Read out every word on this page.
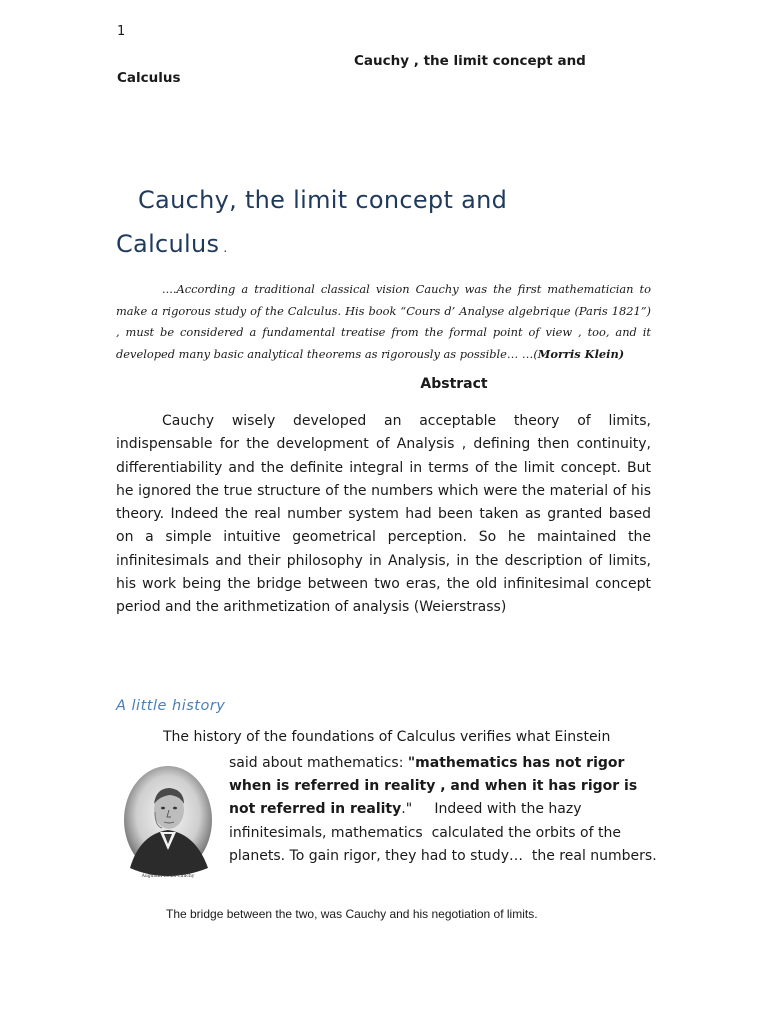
1
Cauchy , the limit concept and
Calculus
Cauchy, the limit concept and
Calculus .
....According a traditional classical vision Cauchy was the first mathematician to make a rigorous study of the Calculus. His book “Cours d’ Analyse algebrique (Paris 1821”) , must be considered a fundamental treatise from the formal point of view , too, and it developed many basic analytical theorems as rigorously as possible… …(Morris Klein)
Abstract
Cauchy wisely developed an acceptable theory of limits, indispensable for the development of Analysis , defining then continuity, differentiability and the definite integral in terms of the limit concept. But he ignored the true structure of the numbers which were the material of his theory. Indeed the real number system had been taken as granted based on a simple intuitive geometrical perception. So he maintained the infinitesimals and their philosophy in Analysis, in the description of limits, his work being the bridge between two eras, the old infinitesimal concept period and the arithmetization of analysis (Weierstrass)
A little history
The history of the foundations of Calculus verifies what Einstein
Augustin-Louis Cauchy
said about mathematics: "mathematics has not rigor when is referred in reality , and when it has rigor is not referred in reality."     Indeed with the hazy infinitesimals, mathematics  calculated the orbits of the planets. To gain rigor, they had to study…  the real numbers.
The bridge between the two, was Cauchy and his negotiation of limits.
